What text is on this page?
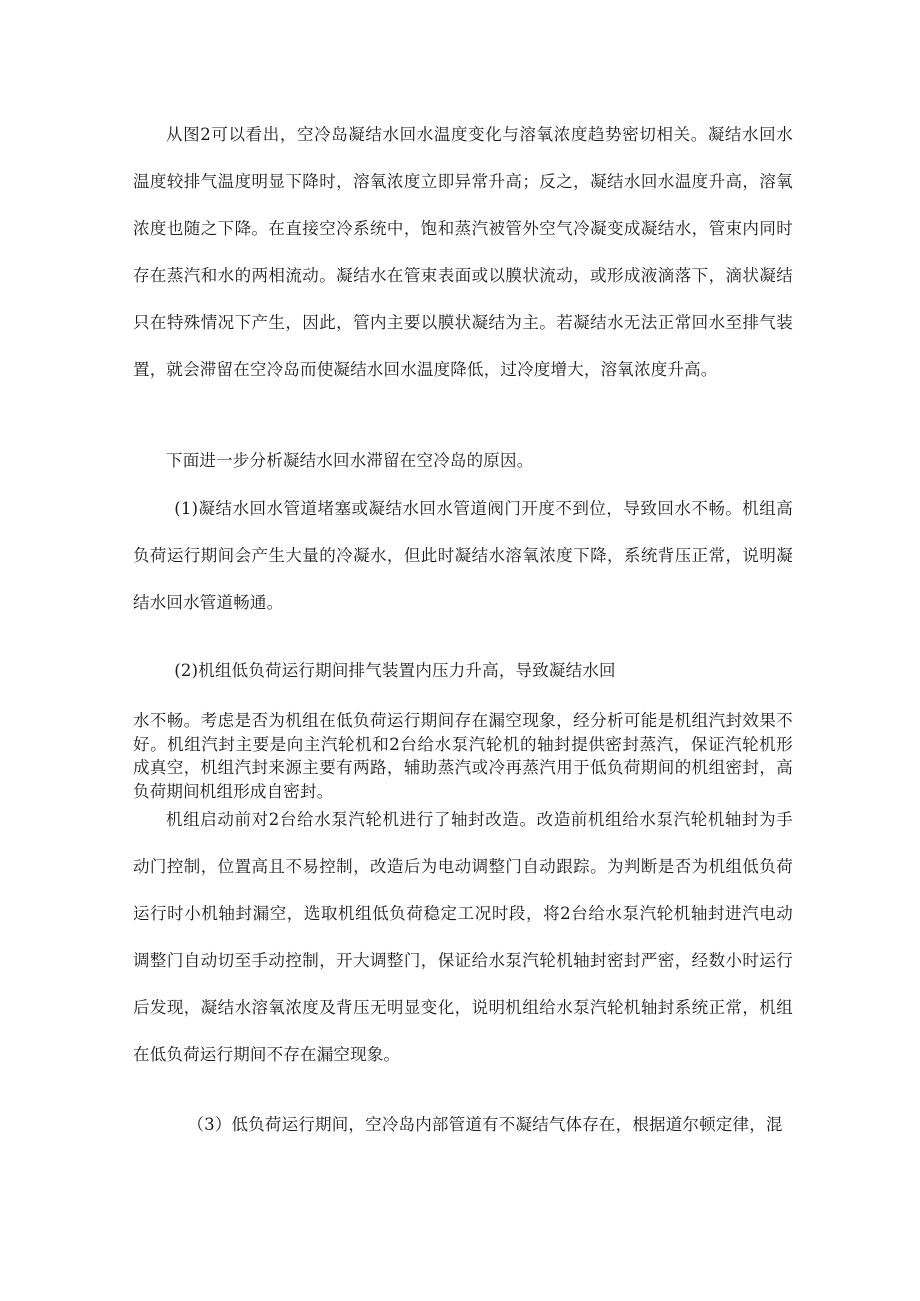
从图2可以看出，空冷岛凝结水回水温度变化与溶氧浓度趋势密切相关。凝结水回水温度较排气温度明显下降时，溶氧浓度立即异常升高；反之，凝结水回水温度升高，溶氧浓度也随之下降。在直接空冷系统中，饱和蒸汽被管外空气冷凝变成凝结水，管束内同时存在蒸汽和水的两相流动。凝结水在管束表面或以膜状流动，或形成液滴落下，滴状凝结只在特殊情况下产生，因此，管内主要以膜状凝结为主。若凝结水无法正常回水至排气装置，就会滞留在空冷岛而使凝结水回水温度降低，过冷度增大，溶氧浓度升高。

下面进一步分析凝结水回水滞留在空冷岛的原因。

(1)凝结水回水管道堵塞或凝结水回水管道阀门开度不到位，导致回水不畅。机组高负荷运行期间会产生大量的冷凝水，但此时凝结水溶氧浓度下降，系统背压正常，说明凝结水回水管道畅通。

(2)机组低负荷运行期间排气装置内压力升高，导致凝结水回

水不畅。考虑是否为机组在低负荷运行期间存在漏空现象，经分析可能是机组汽封效果不好。机组汽封主要是向主汽轮机和2台给水泵汽轮机的轴封提供密封蒸汽，保证汽轮机形成真空，机组汽封来源主要有两路，辅助蒸汽或冷再蒸汽用于低负荷期间的机组密封，高负荷期间机组形成自密封。

机组启动前对2台给水泵汽轮机进行了轴封改造。改造前机组给水泵汽轮机轴封为手动门控制，位置高且不易控制，改造后为电动调整门自动跟踪。为判断是否为机组低负荷运行时小机轴封漏空，选取机组低负荷稳定工况时段，将2台给水泵汽轮机轴封进汽电动调整门自动切至手动控制，开大调整门，保证给水泵汽轮机轴封密封严密，经数小时运行后发现，凝结水溶氧浓度及背压无明显变化，说明机组给水泵汽轮机轴封系统正常，机组在低负荷运行期间不存在漏空现象。

（3）低负荷运行期间，空冷岛内部管道有不凝结气体存在，根据道尔顿定律，混
